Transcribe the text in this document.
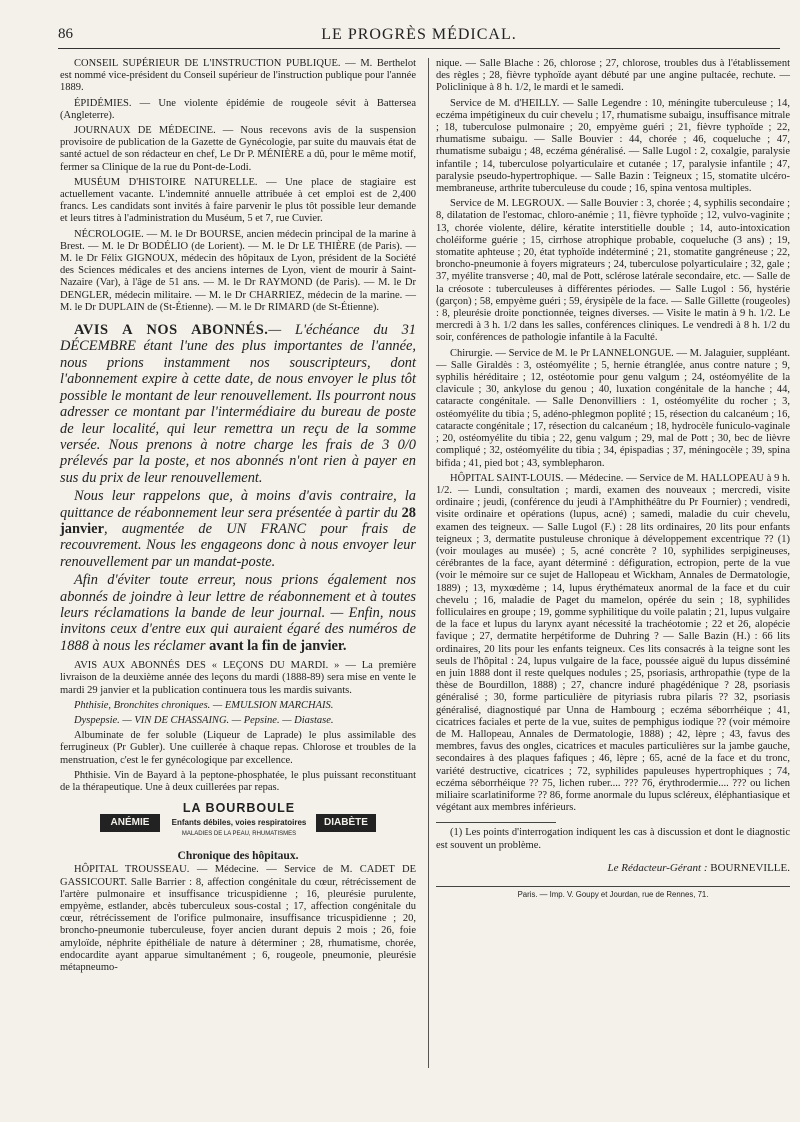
86	LE PROGRÈS MÉDICAL.

CONSEIL SUPÉRIEUR DE L'INSTRUCTION PUBLIQUE. — M. Berthelot est nommé vice-président du Conseil supérieur de l'instruction publique pour l'année 1889.

ÉPIDÉMIES. — Une violente épidémie de rougeole sévit à Battersea (Angleterre).

JOURNAUX DE MÉDECINE. — Nous recevons avis de la suspension provisoire de publication de la Gazette de Gynécologie, par suite du mauvais état de santé actuel de son rédacteur en chef, Le Dr P. MÉNIÈRE a dû, pour le même motif, fermer sa Clinique de la rue du Pont-de-Lodi.

MUSÉUM D'HISTOIRE NATURELLE. — Une place de stagiaire est actuellement vacante. L'indemnité annuelle attribuée à cet emploi est de 2,400 francs. Les candidats sont invités à faire parvenir le plus tôt possible leur demande et leurs titres à l'administration du Muséum, 5 et 7, rue Cuvier.

NÉCROLOGIE. — M. le Dr BOURSE, ancien médecin principal de la marine à Brest. — M. le Dr BODÉLIO (de Lorient). — M. le Dr LE THIÈRE (de Paris). — M. le Dr Félix GIGNOUX, médecin des hôpitaux de Lyon, président de la Société des Sciences médicales et des anciens internes de Lyon, vient de mourir à Saint-Nazaire (Var), à l'âge de 51 ans. — M. le Dr RAYMOND (de Paris). — M. le Dr DENGLER, médecin militaire. — M. le Dr CHARRIEZ, médecin de la marine. — M. le Dr DUPLAIN de (St-Étienne). — M. le Dr RIMARD (de St-Étienne).

AVIS A NOS ABONNÉS.— L'échéance du 31 DÉCEMBRE étant l'une des plus importantes de l'année, nous prions instamment nos souscripteurs, dont l'abonnement expire à cette date, de nous envoyer le plus tôt possible le montant de leur renouvellement. Ils pourront nous adresser ce montant par l'intermédiaire du bureau de poste de leur localité, qui leur remettra un reçu de la somme versée. Nous prenons à notre charge les frais de 3 0/0 prélevés par la poste, et nos abonnés n'ont rien à payer en sus du prix de leur renouvellement.

Nous leur rappelons que, à moins d'avis contraire, la quittance de réabonnement leur sera présentée à partir du 28 janvier, augmentée de UN FRANC pour frais de recouvrement. Nous les engageons donc à nous envoyer leur renouvellement par un mandat-poste.

Afin d'éviter toute erreur, nous prions également nos abonnés de joindre à leur lettre de réabonnement et à toutes leurs réclamations la bande de leur journal. — Enfin, nous invitons ceux d'entre eux qui auraient égaré des numéros de 1888 à nous les réclamer avant la fin de janvier.

AVIS AUX ABONNÉS DES « LEÇONS DU MARDI. » — La première livraison de la deuxième année des leçons du mardi (1888-89) sera mise en vente le mardi 29 janvier et la publication continuera tous les mardis suivants.

Phthisie, Bronchites chroniques. — EMULSION MARCHAIS.

Dyspepsie. — VIN DE CHASSAING. — Pepsine. — Diastase.

Albuminate de fer soluble (Liqueur de Laprade) le plus assimilable des ferrugineux (Pr Gubler). Une cuillerée à chaque repas. Chlorose et troubles de la menstruation, c'est le fer gynécologique par excellence.

Phthisie. Vin de Bayard à la peptone-phosphatée, le plus puissant reconstituant de la thérapeutique. Une à deux cuillerées par repas.

LA BOURBOULE
ANÉMIE	Enfants débiles, voies respiratoires
MALADIES DE LA PEAU, RHUMATISMES
DIABÈTE
Chronique des hôpitaux.

HÔPITAL TROUSSEAU. — Médecine. — Service de M. CADET DE GASSICOURT. Salle Barrier : 8, affection congénitale du cœur, rétrécissement de l'artère pulmonaire et insuffisance tricuspidienne ; 16, pleurésie purulente, empyème, estlander, abcès tuberculeux sous-costal ; 17, affection congénitale du cœur, rétrécissement de l'orifice pulmonaire, insuffisance tricuspidienne ; 20, broncho-pneumonie tuberculeuse, foyer ancien durant depuis 2 mois ; 26, foie amyloïde, néphrite épithéliale de nature à déterminer ; 28, rhumatisme, chorée, endocardite ayant apparue simultanément ; 6, rougeole, pneumonie, pleurésie métapneumo-

nique. — Salle Blache : 26, chlorose ; 27, chlorose, troubles dus à l'établissement des règles ; 28, fièvre typhoïde ayant débuté par une angine pultacée, rechute. — Policlinique à 8 h. 1/2, le mardi et le samedi.

Service de M. d'HEILLY. — Salle Legendre : 10, méningite tuberculeuse ; 14, eczéma impétigineux du cuir chevelu ; 17, rhumatisme subaigu, insuffisance mitrale ; 18, tuberculose pulmonaire ; 20, empyème guéri ; 21, fièvre typhoïde ; 22, rhumatisme subaigu. — Salle Bouvier : 44, chorée ; 46, coqueluche ; 47, rhumatisme subaigu ; 48, eczéma généralisé. — Salle Lugol : 2, coxalgie, paralysie infantile ; 14, tuberculose polyarticulaire et cutanée ; 17, paralysie infantile ; 47, paralysie pseudo-hypertrophique. — Salle Bazin : Teigneux ; 15, stomatite ulcéro-membraneuse, arthrite tuberculeuse du coude ; 16, spina ventosa multiples.

Service de M. LEGROUX. — Salle Bouvier : 3, chorée ; 4, syphilis secondaire ; 8, dilatation de l'estomac, chloro-anémie ; 11, fièvre typhoïde ; 12, vulvo-vaginite ; 13, chorée violente, délire, kératite interstitielle double ; 14, auto-intoxication choléiforme guérie ; 15, cirrhose atrophique probable, coqueluche (3 ans) ; 19, stomatite aphteuse ; 20, état typhoïde indéterminé ; 21, stomatite gangréneuse ; 22, broncho-pneumonie à foyers migrateurs ; 24, tuberculose polyarticulaire ; 32, gale ; 37, myélite transverse ; 40, mal de Pott, sclérose latérale secondaire, etc. — Salle de la créosote : tuberculeuses à différentes périodes. — Salle Lugol : 56, hystérie (garçon) ; 58, empyème guéri ; 59, érysipèle de la face. — Salle Gillette (rougeoles) : 8, pleurésie droite ponctionnée, teignes diverses. — Visite le matin à 9 h. 1/2. Le mercredi à 3 h. 1/2 dans les salles, conférences cliniques. Le vendredi à 8 h. 1/2 du soir, conférences de pathologie infantile à la Faculté.

Chirurgie. — Service de M. le Pr LANNELONGUE. — M. Jalaguier, suppléant. — Salle Giraldès : 3, ostéomyélite ; 5, hernie étranglée, anus contre nature ; 9, syphilis héréditaire ; 12, ostéotomie pour genu valgum ; 24, ostéomyélite de la clavicule ; 30, ankylose du genou ; 40, luxation congénitale de la hanche ; 44, cataracte congénitale. — Salle Denonvilliers : 1, ostéomyélite du rocher ; 3, ostéomyélite du tibia ; 5, adéno-phlegmon poplité ; 15, résection du calcanéum ; 16, cataracte congénitale ; 17, résection du calcanéum ; 18, hydrocèle funiculo-vaginale ; 20, ostéomyélite du tibia ; 22, genu valgum ; 29, mal de Pott ; 30, bec de lièvre compliqué ; 32, ostéomyélite du tibia ; 34, épispadias ; 37, méningocèle ; 39, spina bifida ; 41, pied bot ; 43, symblepharon.

HÔPITAL SAINT-LOUIS. — Médecine. — Service de M. HALLOPEAU à 9 h. 1/2. — Lundi, consultation ; mardi, examen des nouveaux ; mercredi, visite ordinaire ; jeudi, (conférence du jeudi à l'Amphithéâtre du Pr Fournier) ; vendredi, visite ordinaire et opérations (lupus, acné) ; samedi, maladie du cuir chevelu, examen des teigneux. — Salle Lugol (F.) : 28 lits ordinaires, 20 lits pour enfants teigneux ; 3, dermatite pustuleuse chronique à développement excentrique ?? (1) (voir moulages au musée) ; 5, acné concrète ? 10, syphilides serpigineuses, cérébrantes de la face, ayant déterminé : défiguration, ectropion, perte de la vue (voir le mémoire sur ce sujet de Hallopeau et Wickham, Annales de Dermatologie, 1889) ; 13, myxœdème ; 14, lupus érythémateux anormal de la face et du cuir chevelu ; 16, maladie de Paget du mamelon, opérée du sein ; 18, syphilides folliculaires en groupe ; 19, gomme syphilitique du voile palatin ; 21, lupus vulgaire de la face et lupus du larynx ayant nécessité la trachéotomie ; 22 et 26, alopécie favique ; 27, dermatite herpétiforme de Duhring ? — Salle Bazin (H.) : 66 lits ordinaires, 20 lits pour les enfants teigneux. Ces lits consacrés à la teigne sont les seuls de l'hôpital : 24, lupus vulgaire de la face, poussée aiguë du lupus disséminé en juin 1888 dont il reste quelques nodules ; 25, psoriasis, arthropathie (type de la thèse de Bourdillon, 1888) ; 27, chancre induré phagédénique ? 28, psoriasis généralisé ; 30, forme particulière de pityriasis rubra pilaris ?? 32, psoriasis généralisé, diagnostiqué par Unna de Hambourg ; eczéma séborrhéique ; 41, cicatrices faciales et perte de la vue, suites de pemphigus iodique ?? (voir mémoire de M. Hallopeau, Annales de Dermatologie, 1888) ; 42, lèpre ; 43, favus des membres, favus des ongles, cicatrices et macules particulières sur la jambe gauche, secondaires à des plaques fafiques ; 46, lèpre ; 65, acné de la face et du tronc, variété destructive, cicatrices ; 72, syphilides papuleuses hypertrophiques ; 74, eczéma séborrhéique ?? 75, lichen ruber.... ??? 76, érythrodermie.... ??? ou lichen miliaire scarlatiniforme ?? 86, forme anormale du lupus scléreux, éléphantiasique et végétant aux membres inférieurs.

(1) Les points d'interrogation indiquent les cas à discussion et dont le diagnostic est souvent un problème.

Le Rédacteur-Gérant : BOURNEVILLE.
Paris. — Imp. V. Goupy et Jourdan, rue de Rennes, 71.
